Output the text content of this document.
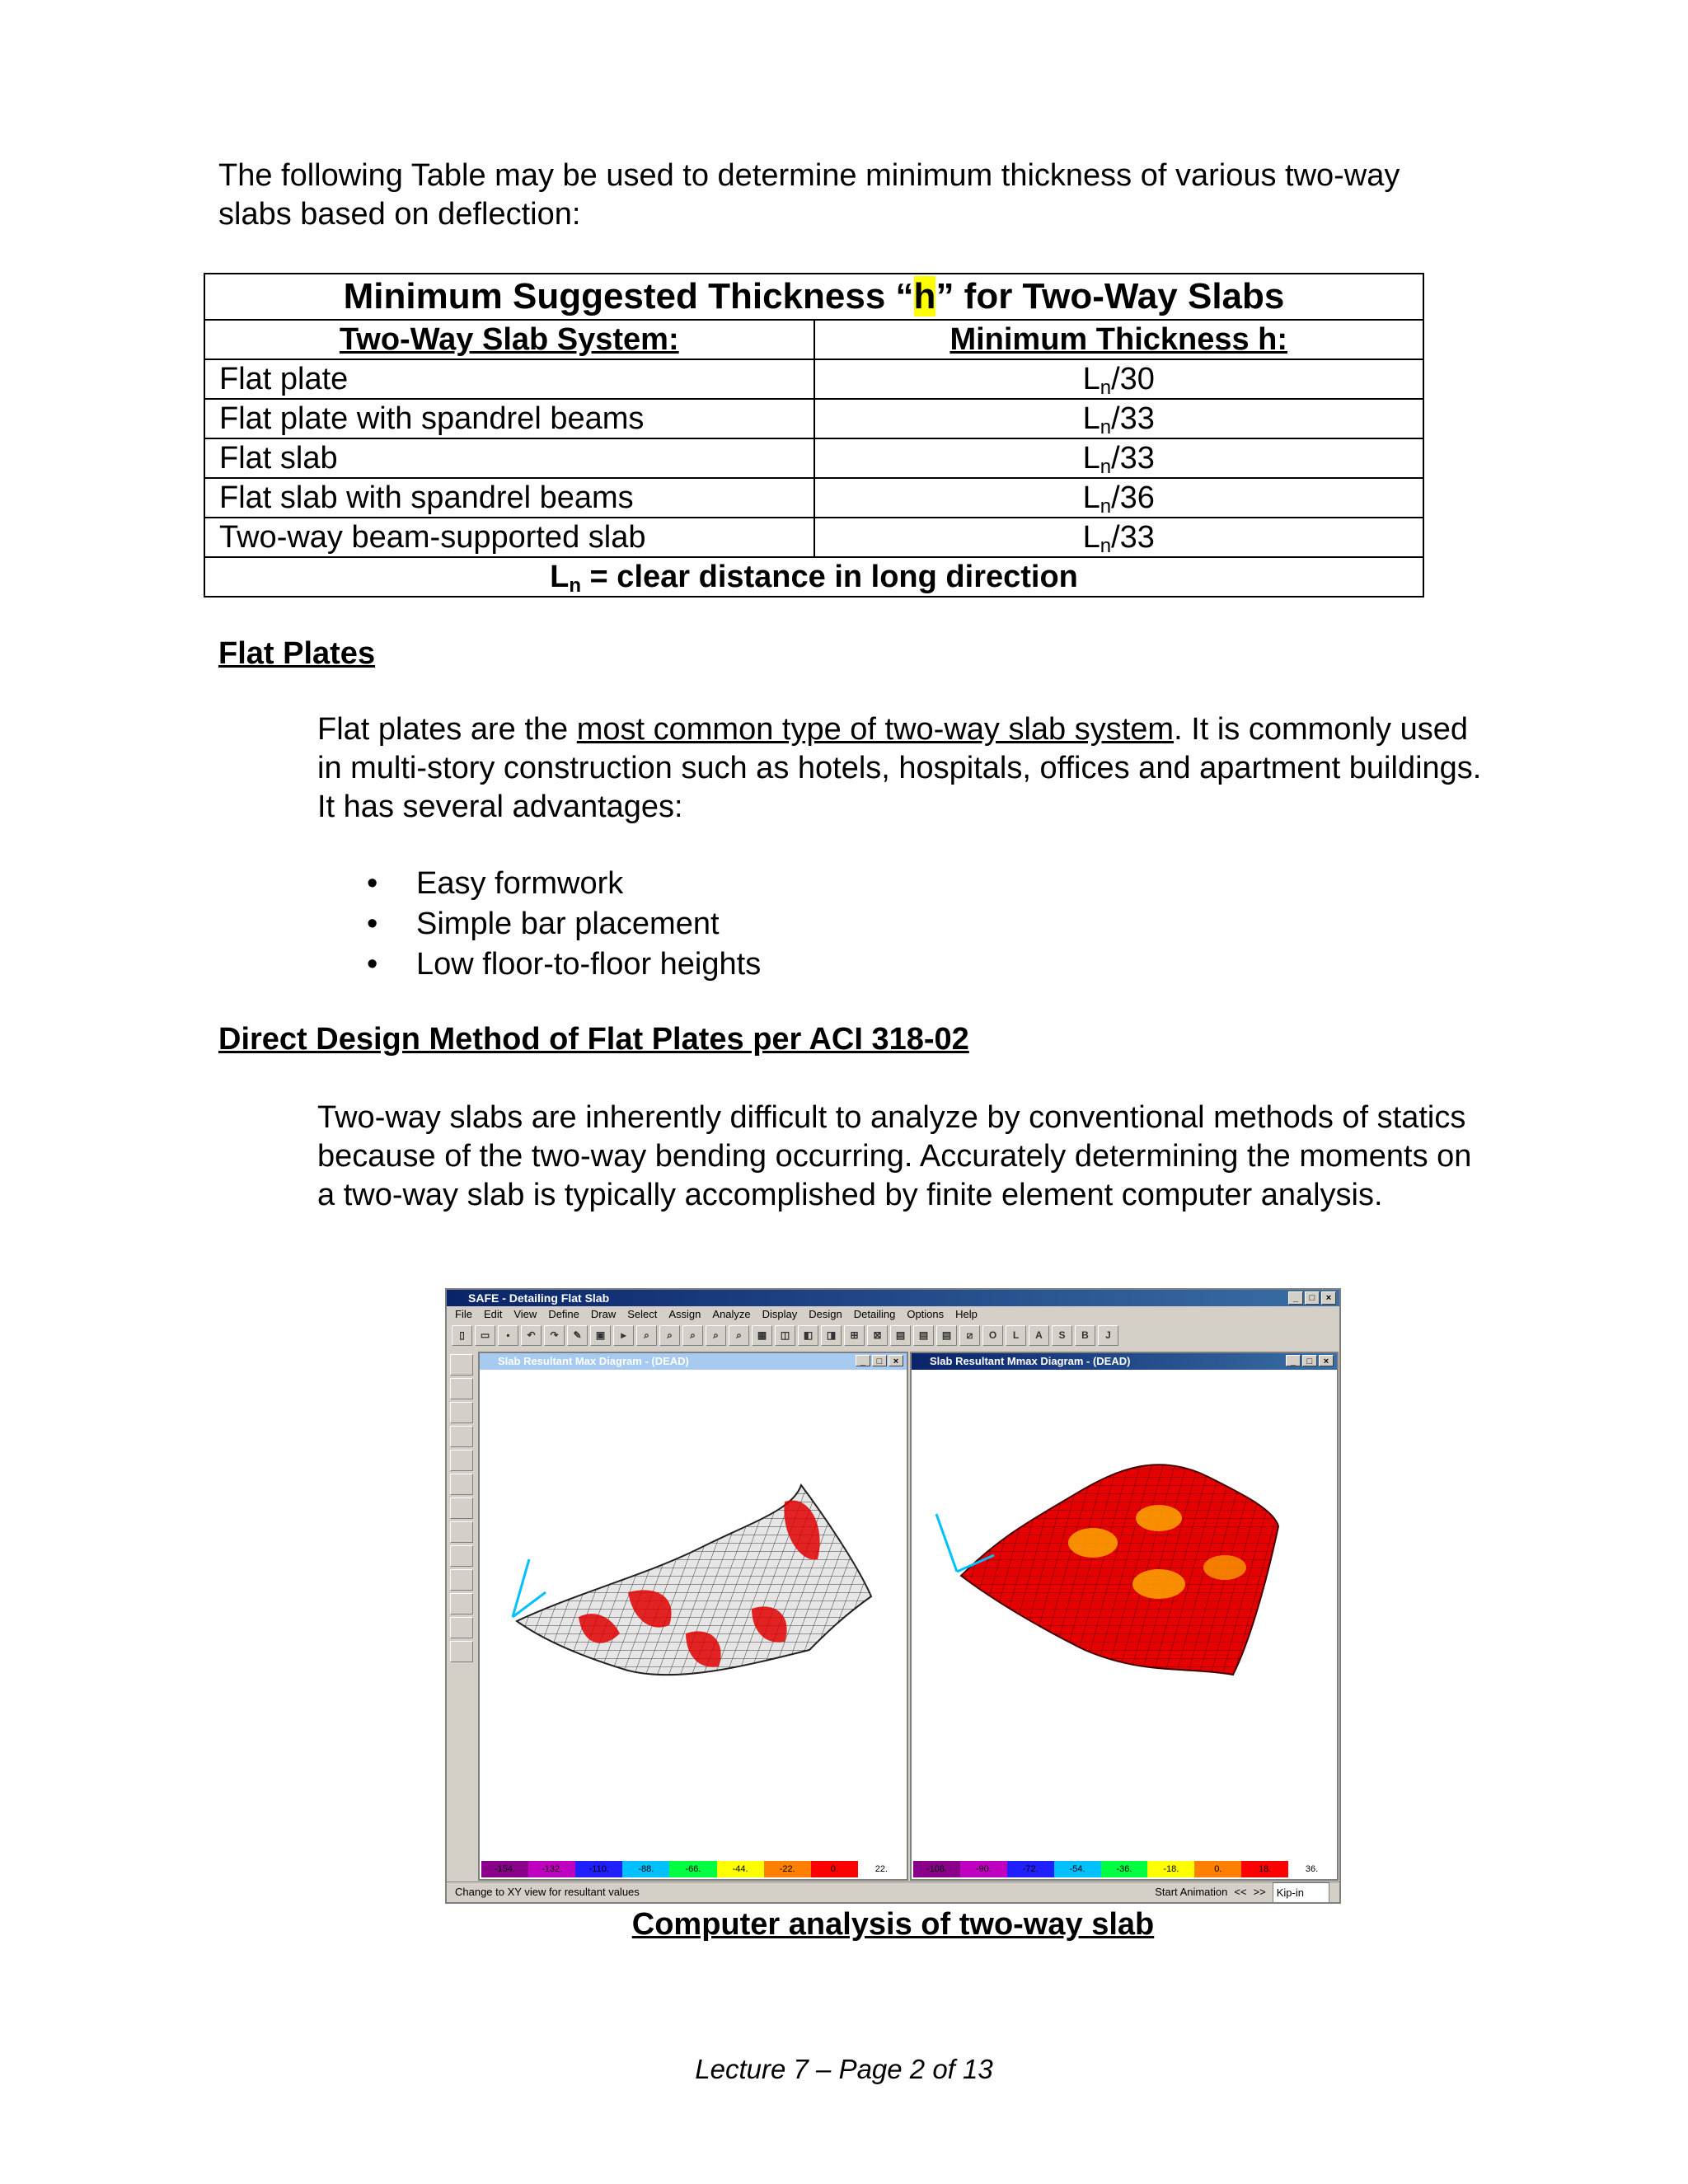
The following Table may be used to determine minimum thickness of various two-way slabs based on deflection:
Minimum Suggested Thickness “h” for Two-Way Slabs	
Two-Way Slab System:	Minimum Thickness h:
Flat plate	$L_n/30$
Flat plate with spandrel beams	$L_n/33$
Flat slab	$L_n/33$
Flat slab with spandrel beams	$L_n/36$
Two-way beam-supported slab	$L_n/33$
$L_n$ = clear distance in long direction	
Flat Plates
Flat plates are the most common type of two-way slab system. It is commonly used in multi-story construction such as hotels, hospitals, offices and apartment buildings. It has several advantages:
• Easy formwork
• Simple bar placement
• Low floor-to-floor heights
Direct Design Method of Flat Plates per ACI 318-02
Two-way slabs are inherently difficult to analyze by conventional methods of statics because of the two-way bending occurring. Accurately determining the moments on a two-way slab is typically accomplished by finite element computer analysis.
SAFE - Detailing Flat Slab	_	□	×
File Edit View Define Draw Select Assign Analyze Display Design Detailing Options Help
▯	▭	▪	↶	↷	✎	▣	▸	⌕	⌕	⌕	⌕	⌕	▦	◫	◧	◨	⊞	⊠	▤	▤	▤	⧄	O	L	A	S	B	J
Slab Resultant Max Diagram - (DEAD)	_	□	×
-154.	-132.	-110.	-88.	-66.	-44.	-22.	0.	22.
Slab Resultant Mmax Diagram - (DEAD)	_	□	×
-108.	-90.	-72.	-54.	-36.	-18.	0.	18.	36.
Change to XY view for resultant values	Start Animation << >>	Kip-in
Computer analysis of two-way slab
Lecture 7 – Page 2 of 13
